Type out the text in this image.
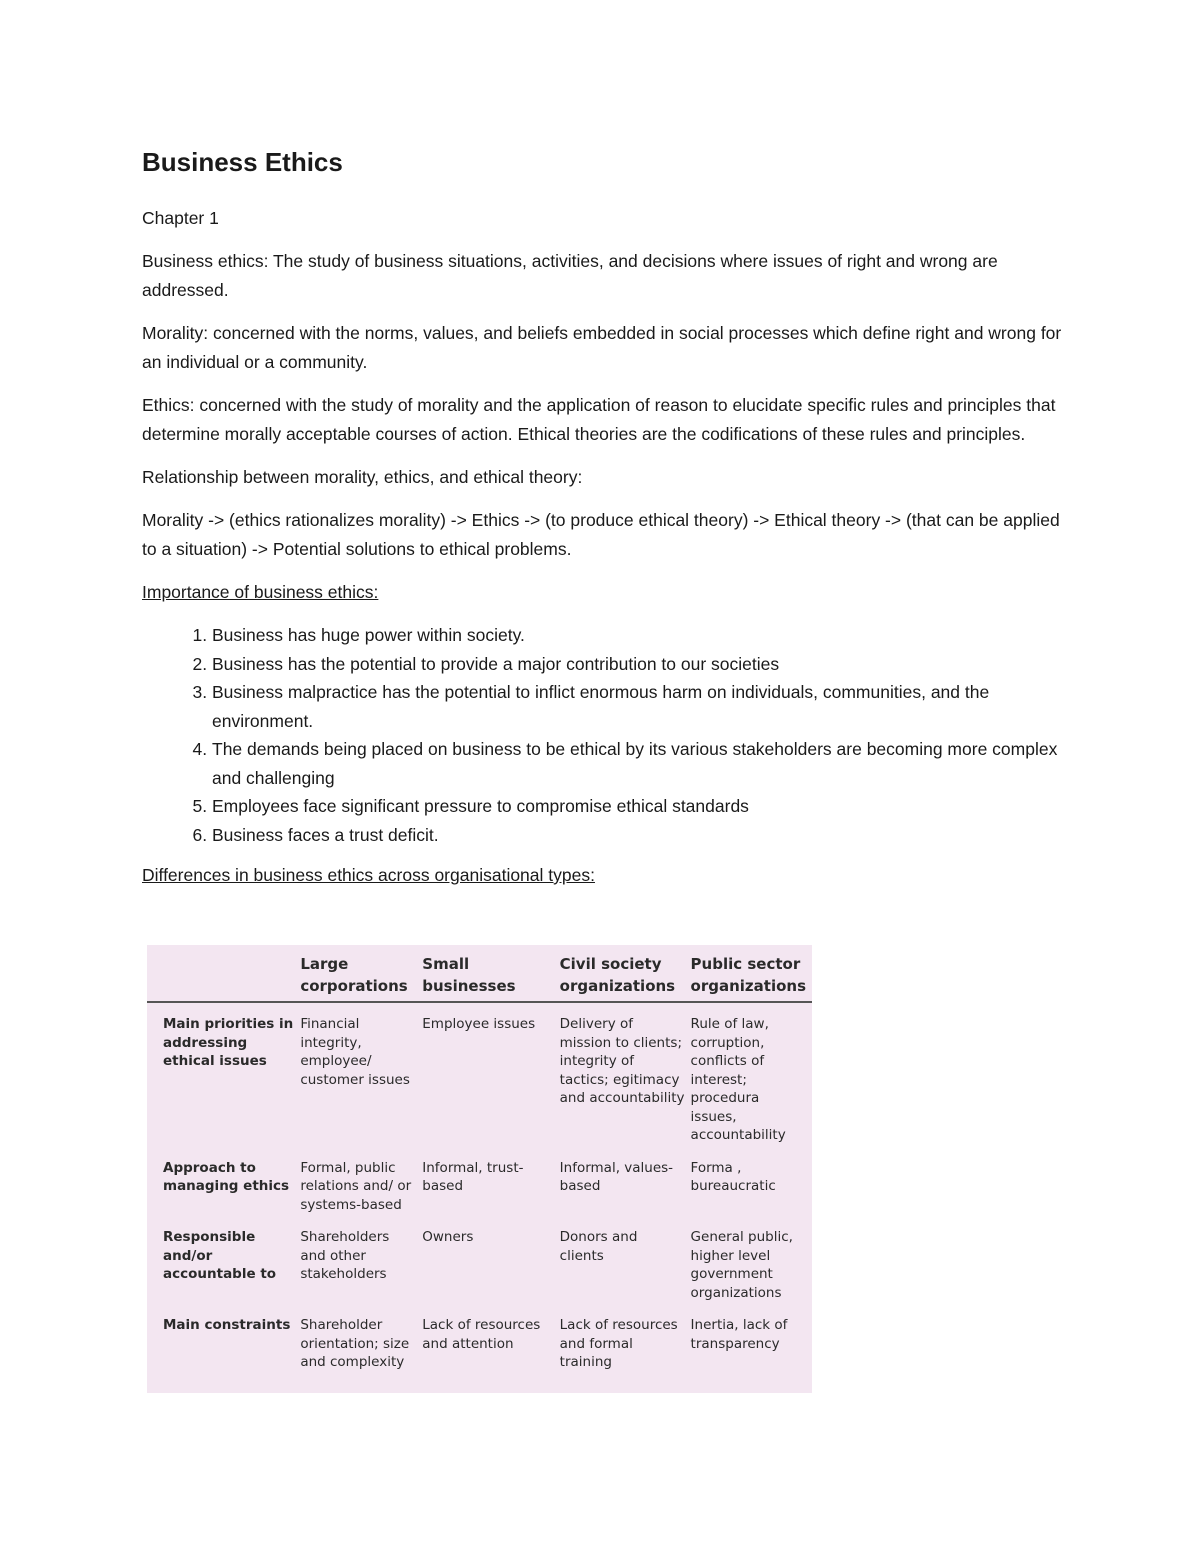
Business Ethics

Chapter 1

Business ethics: The study of business situations, activities, and decisions where issues of right and wrong are addressed.

Morality: concerned with the norms, values, and beliefs embedded in social processes which define right and wrong for an individual or a community.

Ethics: concerned with the study of morality and the application of reason to elucidate specific rules and principles that determine morally acceptable courses of action. Ethical theories are the codifications of these rules and principles.

Relationship between morality, ethics, and ethical theory:

Morality -> (ethics rationalizes morality) -> Ethics -> (to produce ethical theory) -> Ethical theory -> (that can be applied to a situation) -> Potential solutions to ethical problems.

Importance of business ethics:

1. Business has huge power within society.
2. Business has the potential to provide a major contribution to our societies
3. Business malpractice has the potential to inflict enormous harm on individuals, communities, and the environment.
4. The demands being placed on business to be ethical by its various stakeholders are becoming more complex and challenging
5. Employees face significant pressure to compromise ethical standards
6. Business faces a trust deficit.

Differences in business ethics across organisational types:

	Large corporations	Small businesses	Civil society organizations	Public sector organizations
Main priorities in addressing ethical issues	Financial integrity, employee/ customer issues	Employee issues	Delivery of mission to clients; integrity of tactics; egitimacy and accountability	Rule of law, corruption, conflicts of interest; procedura issues, accountability
Approach to managing ethics	Formal, public relations and/ or systems-based	Informal, trust-based	Informal, values-based	Forma , bureaucratic
Responsible and/or accountable to	Shareholders and other stakeholders	Owners	Donors and clients	General public, higher level government organizations
Main constraints	Shareholder orientation; size and complexity	Lack of resources and attention	Lack of resources and formal training	Inertia, lack of transparency
